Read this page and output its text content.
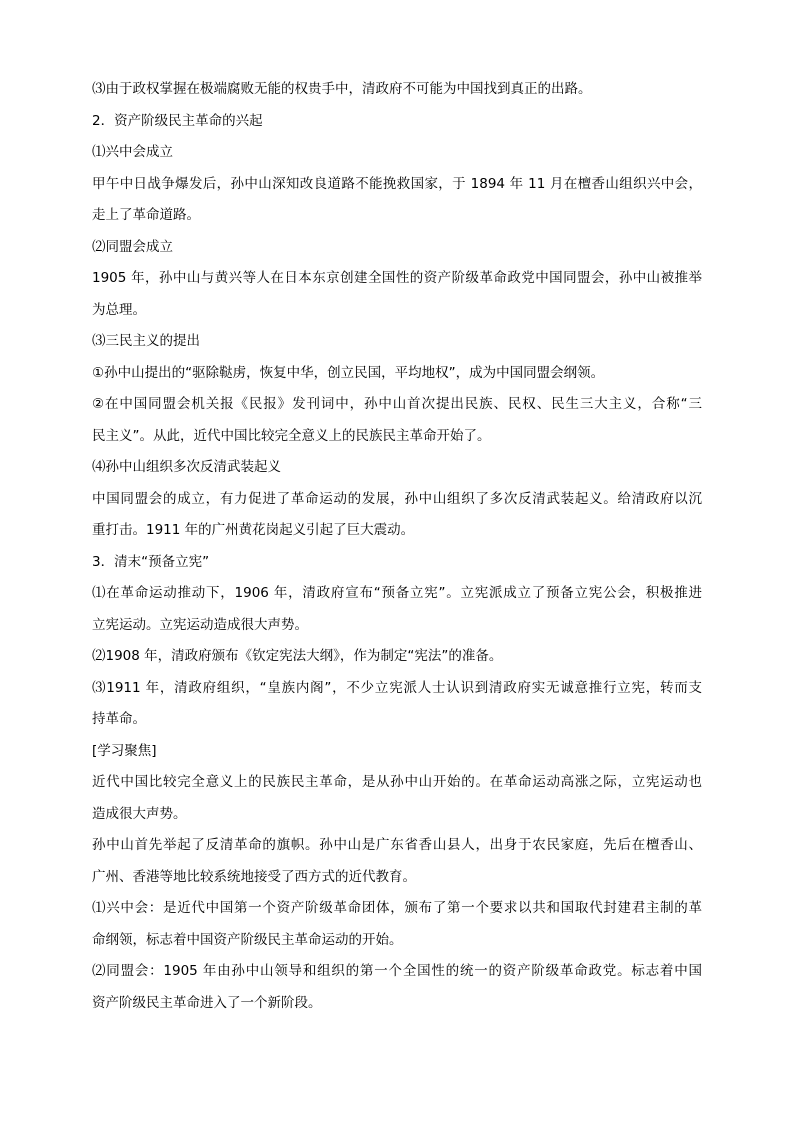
⑶由于政权掌握在极端腐败无能的权贵手中，清政府不可能为中国找到真正的出路。
2．资产阶级民主革命的兴起
⑴兴中会成立
甲午中日战争爆发后，孙中山深知改良道路不能挽救国家，于 1894 年 11 月在檀香山组织兴中会，
走上了革命道路。
⑵同盟会成立
1905 年，孙中山与黄兴等人在日本东京创建全国性的资产阶级革命政党中国同盟会，孙中山被推举
为总理。
⑶三民主义的提出
①孙中山提出的“驱除鞑虏，恢复中华，创立民国，平均地权”，成为中国同盟会纲领。
②在中国同盟会机关报《民报》发刊词中，孙中山首次提出民族、民权、民生三大主义，合称“三
民主义”。从此，近代中国比较完全意义上的民族民主革命开始了。
⑷孙中山组织多次反清武装起义
中国同盟会的成立，有力促进了革命运动的发展，孙中山组织了多次反清武装起义。给清政府以沉
重打击。1911 年的广州黄花岗起义引起了巨大震动。
3．清末“预备立宪”
⑴在革命运动推动下，1906 年，清政府宣布“预备立宪”。立宪派成立了预备立宪公会，积极推进
立宪运动。立宪运动造成很大声势。
⑵1908 年，清政府颁布《钦定宪法大纲》，作为制定“宪法”的准备。
⑶1911 年，清政府组织，“皇族内阁”，不少立宪派人士认识到清政府实无诚意推行立宪，转而支
持革命。
[学习聚焦]
近代中国比较完全意义上的民族民主革命，是从孙中山开始的。在革命运动高涨之际，立宪运动也
造成很大声势。
孙中山首先举起了反清革命的旗帜。孙中山是广东省香山县人，出身于农民家庭，先后在檀香山、
广州、香港等地比较系统地接受了西方式的近代教育。
⑴兴中会：是近代中国第一个资产阶级革命团体，颁布了第一个要求以共和国取代封建君主制的革
命纲领，标志着中国资产阶级民主革命运动的开始。
⑵同盟会：1905 年由孙中山领导和组织的第一个全国性的统一的资产阶级革命政党。标志着中国
资产阶级民主革命进入了一个新阶段。
